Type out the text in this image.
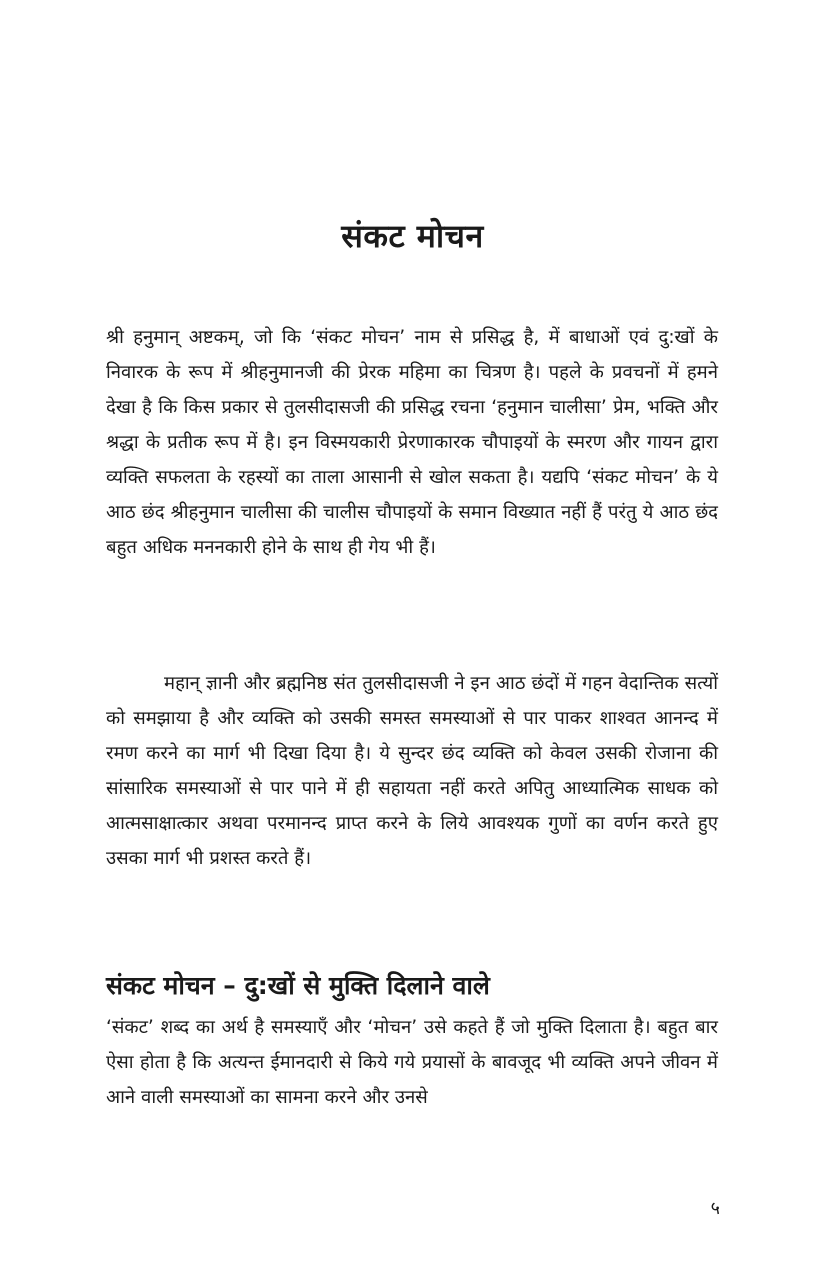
संकट मोचन

श्री हनुमान् अष्टकम्, जो कि ‘संकट मोचन’ नाम से प्रसिद्ध है, में बाधाओं एवं दु:खों के निवारक के रूप में श्रीहनुमानजी की प्रेरक महिमा का चित्रण है। पहले के प्रवचनों में हमने देखा है कि किस प्रकार से तुलसीदासजी की प्रसिद्ध रचना ‘हनुमान चालीसा’ प्रेम, भक्ति और श्रद्धा के प्रतीक रूप में है। इन विस्मयकारी प्रेरणाकारक चौपाइयों के स्मरण और गायन द्वारा व्यक्ति सफलता के रहस्यों का ताला आसानी से खोल सकता है। यद्यपि ‘संकट मोचन’ के ये आठ छंद श्रीहनुमान चालीसा की चालीस चौपाइयों के समान विख्यात नहीं हैं परंतु ये आठ छंद बहुत अधिक मननकारी होने के साथ ही गेय भी हैं।

महान् ज्ञानी और ब्रह्मनिष्ठ संत तुलसीदासजी ने इन आठ छंदों में गहन वेदान्तिक सत्यों को समझाया है और व्यक्ति को उसकी समस्त समस्याओं से पार पाकर शाश्वत आनन्द में रमण करने का मार्ग भी दिखा दिया है। ये सुन्दर छंद व्यक्ति को केवल उसकी रोजाना की सांसारिक समस्याओं से पार पाने में ही सहायता नहीं करते अपितु आध्यात्मिक साधक को आत्मसाक्षात्कार अथवा परमानन्द प्राप्त करने के लिये आवश्यक गुणों का वर्णन करते हुए उसका मार्ग भी प्रशस्त करते हैं।

संकट मोचन – दु:खों से मुक्ति दिलाने वाले

‘संकट’ शब्द का अर्थ है समस्याएँ और ‘मोचन’ उसे कहते हैं जो मुक्ति दिलाता है। बहुत बार ऐसा होता है कि अत्यन्त ईमानदारी से किये गये प्रयासों के बावजूद भी व्यक्ति अपने जीवन में आने वाली समस्याओं का सामना करने और उनसे

५
